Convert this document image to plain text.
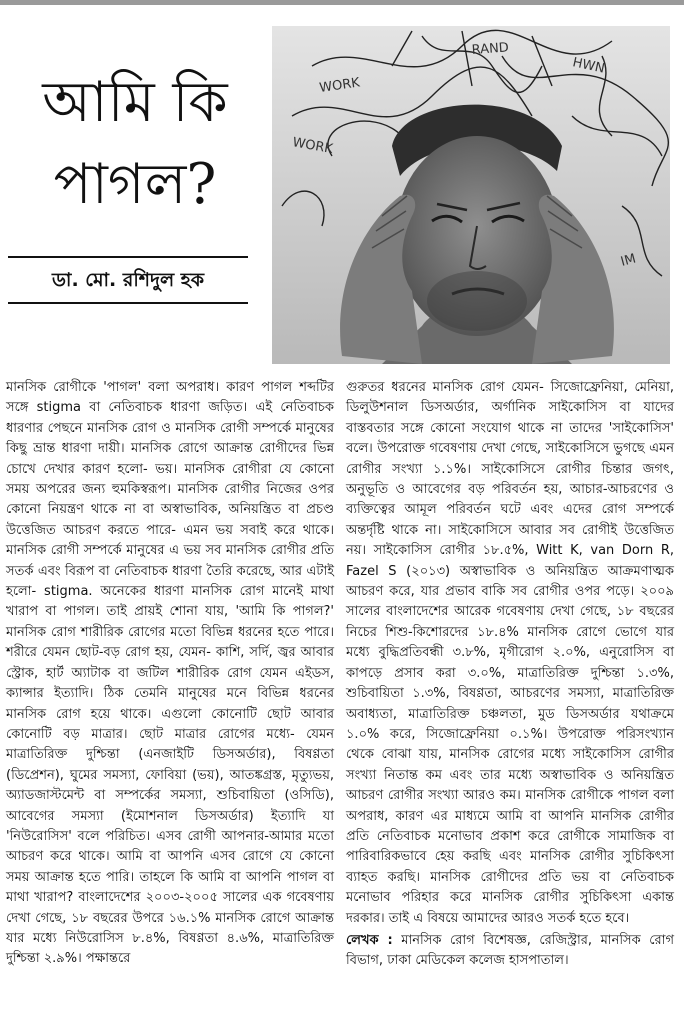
আমি কি
পাগল?
ডা. মো. রশিদুল হক
WORK
HWN
RAND
WORK
IM

মানসিক রোগীকে 'পাগল' বলা অপরাধ। কারণ পাগল শব্দটির সঙ্গে stigma বা নেতিবাচক ধারণা জড়িত। এই নেতিবাচক ধারণার পেছনে মানসিক রোগ ও মানসিক রোগী সম্পর্কে মানুষের কিছু ভ্রান্ত ধারণা দায়ী। মানসিক রোগে আক্রান্ত রোগীদের ভিন্ন চোখে দেখার কারণ হলো- ভয়। মানসিক রোগীরা যে কোনো সময় অপরের জন্য হুমকিস্বরূপ। মানসিক রোগীর নিজের ওপর কোনো নিয়ন্ত্রণ থাকে না বা অস্বাভাবিক, অনিয়ন্ত্রিত বা প্রচণ্ড উত্তেজিত আচরণ করতে পারে- এমন ভয় সবাই করে থাকে। মানসিক রোগী সম্পর্কে মানুষের এ ভয় সব মানসিক রোগীর প্রতি সতর্ক এবং বিরূপ বা নেতিবাচক ধারণা তৈরি করেছে, আর এটাই হলো- stigma. অনেকের ধারণা মানসিক রোগ মানেই মাথা খারাপ বা পাগল। তাই প্রায়ই শোনা যায়, 'আমি কি পাগল?' মানসিক রোগ শারীরিক রোগের মতো বিভিন্ন ধরনের হতে পারে। শরীরে যেমন ছোট-বড় রোগ হয়, যেমন- কাশি, সর্দি, জ্বর আবার স্ট্রোক, হার্ট অ্যাটাক বা জটিল শারীরিক রোগ যেমন এইডস, ক্যান্সার ইত্যাদি। ঠিক তেমনি মানুষের মনে বিভিন্ন ধরনের মানসিক রোগ হয়ে থাকে। এগুলো কোনোটি ছোট আবার কোনোটি বড় মাত্রার। ছোট মাত্রার রোগের মধ্যে- যেমন মাত্রাতিরিক্ত দুশ্চিন্তা (এনজাইটি ডিসঅর্ডার), বিষণ্ণতা (ডিপ্রেশন), ঘুমের সমস্যা, ফোবিয়া (ভয়), আতঙ্কগ্রস্ত, মৃত্যুভয়, অ্যাডজাস্টমেন্ট বা সম্পর্কের সমস্যা, শুচিবায়িতা (ওসিডি), আবেগের সমস্যা (ইমোশনাল ডিসঅর্ডার) ইত্যাদি যা 'নিউরোসিস' বলে পরিচিত। এসব রোগী আপনার-আমার মতো আচরণ করে থাকে। আমি বা আপনি এসব রোগে যে কোনো সময় আক্রান্ত হতে পারি। তাহলে কি আমি বা আপনি পাগল বা মাথা খারাপ? বাংলাদেশের ২০০৩-২০০৫ সালের এক গবেষণায় দেখা গেছে, ১৮ বছরের উপরে ১৬.১% মানসিক রোগে আক্রান্ত যার মধ্যে নিউরোসিস ৮.৪%, বিষণ্ণতা ৪.৬%, মাত্রাতিরিক্ত দুশ্চিন্তা ২.৯%। পক্ষান্তরে

গুরুতর ধরনের মানসিক রোগ যেমন- সিজোফ্রেনিয়া, মেনিয়া, ডিলুউশনাল ডিসঅর্ডার, অর্গানিক সাইকোসিস বা যাদের বাস্তবতার সঙ্গে কোনো সংযোগ থাকে না তাদের 'সাইকোসিস' বলে। উপরোক্ত গবেষণায় দেখা গেছে, সাইকোসিসে ভুগছে এমন রোগীর সংখ্যা ১.১%। সাইকোসিসে রোগীর চিন্তার জগৎ, অনুভূতি ও আবেগের বড় পরিবর্তন হয়, আচার-আচরণের ও ব্যক্তিত্বের আমূল পরিবর্তন ঘটে এবং এদের রোগ সম্পর্কে অন্তর্দৃষ্টি থাকে না। সাইকোসিসে আবার সব রোগীই উত্তেজিত নয়। সাইকোসিস রোগীর ১৮.৫%, Witt K, van Dorn R, Fazel S (২০১৩) অস্বাভাবিক ও অনিয়ন্ত্রিত আক্রমণাত্মক আচরণ করে, যার প্রভাব বাকি সব রোগীর ওপর পড়ে। ২০০৯ সালের বাংলাদেশের আরেক গবেষণায় দেখা গেছে, ১৮ বছরের নিচের শিশু-কিশোরদের ১৮.৪% মানসিক রোগে ভোগে যার মধ্যে বুদ্ধিপ্রতিবন্ধী ৩.৮%, মৃগীরোগ ২.০%, এনুরোসিস বা কাপড়ে প্রসাব করা ৩.০%, মাত্রাতিরিক্ত দুশ্চিন্তা ১.৩%, শুচিবায়িতা ১.৩%, বিষণ্ণতা, আচরণের সমস্যা, মাত্রাতিরিক্ত অবাধ্যতা, মাত্রাতিরিক্ত চঞ্চলতা, মুড ডিসঅর্ডার যথাক্রমে ১.০% করে, সিজোফ্রেনিয়া ০.১%। উপরোক্ত পরিসংখ্যান থেকে বোঝা যায়, মানসিক রোগের মধ্যে সাইকোসিস রোগীর সংখ্যা নিতান্ত কম এবং তার মধ্যে অস্বাভাবিক ও অনিয়ন্ত্রিত আচরণ রোগীর সংখ্যা আরও কম। মানসিক রোগীকে পাগল বলা অপরাধ, কারণ এর মাধ্যমে আমি বা আপনি মানসিক রোগীর প্রতি নেতিবাচক মনোভাব প্রকাশ করে রোগীকে সামাজিক বা পারিবারিকভাবে হেয় করছি এবং মানসিক রোগীর সুচিকিৎসা ব্যাহত করছি। মানসিক রোগীদের প্রতি ভয় বা নেতিবাচক মনোভাব পরিহার করে মানসিক রোগীর সুচিকিৎসা একান্ত দরকার। তাই এ বিষয়ে আমাদের আরও সতর্ক হতে হবে।

লেখক : মানসিক রোগ বিশেষজ্ঞ, রেজিস্ট্রার, মানসিক রোগ বিভাগ, ঢাকা মেডিকেল কলেজ হাসপাতাল।
